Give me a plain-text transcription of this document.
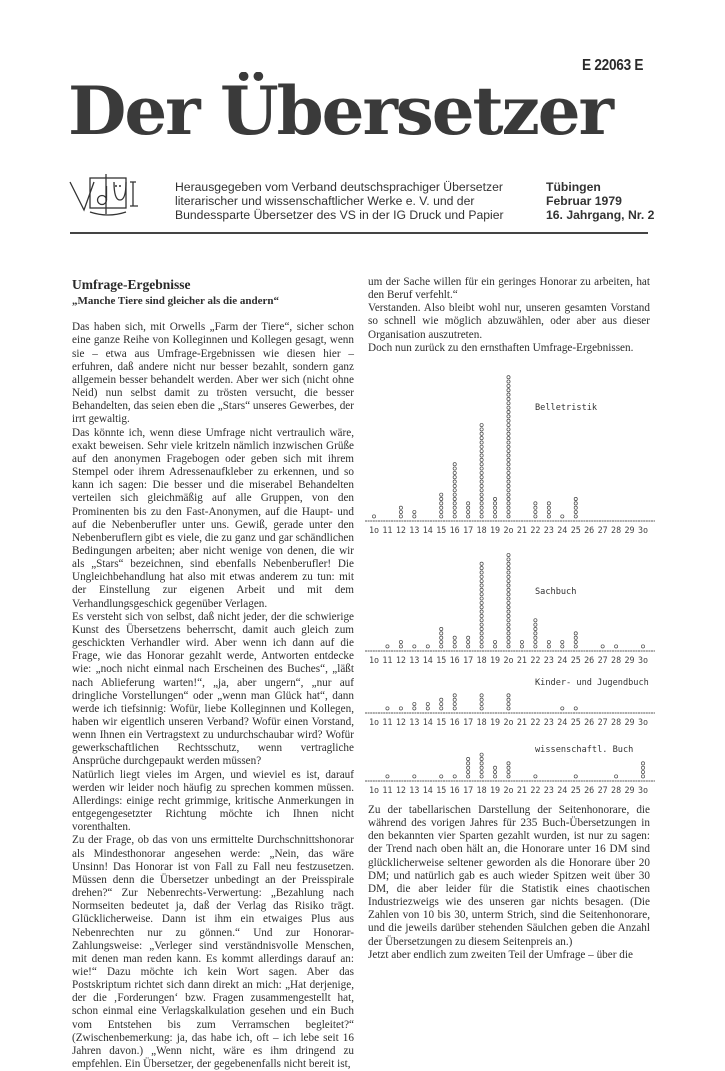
E 22063 E
Der Übersetzer
Herausgegeben vom Verband deutschsprachiger Übersetzer
literarischer und wissenschaftlicher Werke e. V. und der
Bundessparte Übersetzer des VS in der IG Druck und Papier
Tübingen
Februar 1979
16. Jahrgang, Nr. 2
Umfrage-Ergebnisse
„Manche Tiere sind gleicher als die andern“

Das haben sich, mit Orwells „Farm der Tiere“, sicher schon eine ganze Reihe von Kolleginnen und Kollegen gesagt, wenn sie – etwa aus Umfrage-Ergebnissen wie diesen hier – erfuhren, daß andere nicht nur besser bezahlt, sondern ganz allgemein besser behandelt werden. Aber wer sich (nicht ohne Neid) nun selbst damit zu trösten versucht, die besser Behandelten, das seien eben die „Stars“ unseres Gewerbes, der irrt gewaltig.

Das könnte ich, wenn diese Umfrage nicht vertraulich wäre, exakt beweisen. Sehr viele kritzeln nämlich inzwischen Grüße auf den anonymen Fragebogen oder geben sich mit ihrem Stempel oder ihrem Adressenaufkleber zu erkennen, und so kann ich sagen: Die besser und die miserabel Behandelten verteilen sich gleichmäßig auf alle Gruppen, von den Prominenten bis zu den Fast-Anonymen, auf die Haupt- und auf die Nebenberufler unter uns. Gewiß, gerade unter den Nebenberuflern gibt es viele, die zu ganz und gar schändlichen Bedingungen arbeiten; aber nicht wenige von denen, die wir als „Stars“ bezeichnen, sind ebenfalls Nebenberufler! Die Ungleichbehandlung hat also mit etwas anderem zu tun: mit der Einstellung zur eigenen Arbeit und mit dem Verhandlungsgeschick gegenüber Verlagen.

Es versteht sich von selbst, daß nicht jeder, der die schwierige Kunst des Übersetzens beherrscht, damit auch gleich zum geschickten Verhandler wird. Aber wenn ich dann auf die Frage, wie das Honorar gezahlt werde, Antworten entdecke wie: „noch nicht einmal nach Erscheinen des Buches“, „läßt nach Ablieferung warten!“, „ja, aber ungern“, „nur auf dringliche Vorstellungen“ oder „wenn man Glück hat“, dann werde ich tiefsinnig: Wofür, liebe Kolleginnen und Kollegen, haben wir eigentlich unseren Verband? Wofür einen Vorstand, wenn Ihnen ein Vertragstext zu undurchschaubar wird? Wofür gewerkschaftlichen Rechtsschutz, wenn vertragliche Ansprüche durchgepaukt werden müssen?

Natürlich liegt vieles im Argen, und wieviel es ist, darauf werden wir leider noch häufig zu sprechen kommen müssen. Allerdings: einige recht grimmige, kritische Anmerkungen in entgegengesetzter Richtung möchte ich Ihnen nicht vorenthalten.

Zu der Frage, ob das von uns ermittelte Durchschnittshonorar als Mindesthonorar angesehen werde: „Nein, das wäre Unsinn! Das Honorar ist von Fall zu Fall neu festzusetzen. Müssen denn die Übersetzer unbedingt an der Preisspirale drehen?“ Zur Nebenrechts-Verwertung: „Bezahlung nach Normseiten bedeutet ja, daß der Verlag das Risiko trägt. Glücklicherweise. Dann ist ihm ein etwaiges Plus aus Nebenrechten nur zu gönnen.“ Und zur Honorar-Zahlungsweise: „Verleger sind verständnisvolle Menschen, mit denen man reden kann. Es kommt allerdings darauf an: wie!“ Dazu möchte ich kein Wort sagen. Aber das Postskriptum richtet sich dann direkt an mich: „Hat derjenige, der die ‚Forderungen‘ bzw. Fragen zusammengestellt hat, schon einmal eine Verlagskalkulation gesehen und ein Buch vom Entstehen bis zum Verramschen begleitet?“ (Zwischenbemerkung: ja, das habe ich, oft – ich lebe seit 16 Jahren davon.) „Wenn nicht, wäre es ihm dringend zu empfehlen. Ein Übersetzer, der gegebenenfalls nicht bereit ist,

um der Sache willen für ein geringes Honorar zu arbeiten, hat den Beruf verfehlt.“

Verstanden. Also bleibt wohl nur, unseren gesamten Vorstand so schnell wie möglich abzuwählen, oder aber aus dieser Organisation auszutreten.

Doch nun zurück zu den ernsthaften Umfrage-Ergebnissen.

1o 11 12 13 14 15 16 17 18 19 2o 21 22 23 24 25 26 27 28 29 3o
Belletristik
1o 11 12 13 14 15 16 17 18 19 2o 21 22 23 24 25 26 27 28 29 3o
Sachbuch
1o 11 12 13 14 15 16 17 18 19 2o 21 22 23 24 25 26 27 28 29 3o
Kinder- und Jugendbuch
1o 11 12 13 14 15 16 17 18 19 2o 21 22 23 24 25 26 27 28 29 3o
wissenschaftl. Buch

Zu der tabellarischen Darstellung der Seitenhonorare, die während des vorigen Jahres für 235 Buch-Übersetzungen in den bekannten vier Sparten gezahlt wurden, ist nur zu sagen: der Trend nach oben hält an, die Honorare unter 16 DM sind glücklicherweise seltener geworden als die Honorare über 20 DM; und natürlich gab es auch wieder Spitzen weit über 30 DM, die aber leider für die Statistik eines chaotischen Industriezweigs wie des unseren gar nichts besagen. (Die Zahlen von 10 bis 30, unterm Strich, sind die Seitenhonorare, und die jeweils darüber stehenden Säulchen geben die Anzahl der Übersetzungen zu diesem Seitenpreis an.)

Jetzt aber endlich zum zweiten Teil der Umfrage – über die
